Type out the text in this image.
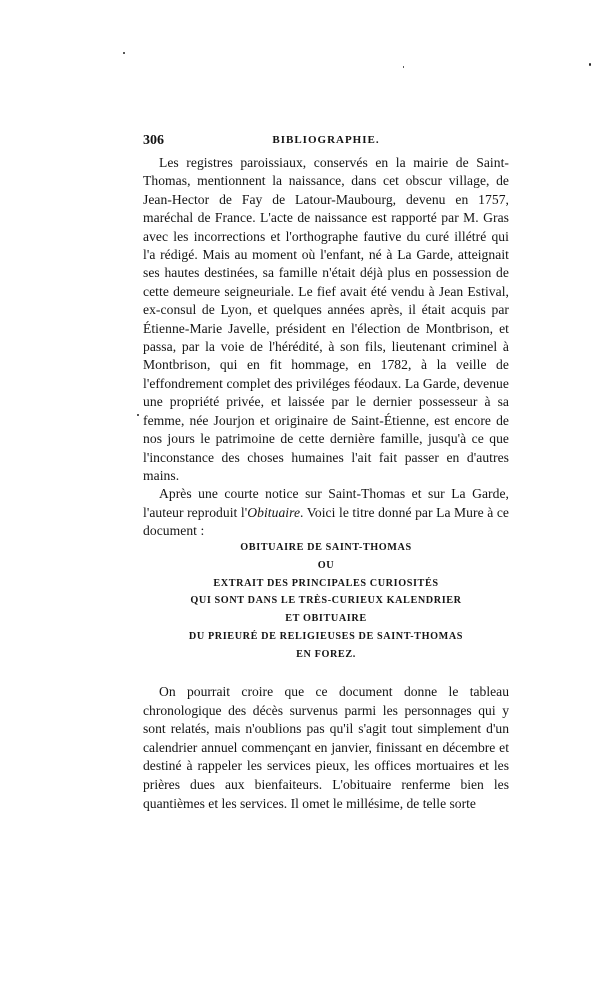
306	BIBLIOGRAPHIE.

Les registres paroissiaux, conservés en la mairie de Saint-Thomas, mentionnent la naissance, dans cet obscur village, de Jean-Hector de Fay de Latour-Maubourg, devenu en 1757, maréchal de France. L'acte de naissance est rapporté par M. Gras avec les incorrections et l'orthographe fautive du curé illétré qui l'a rédigé. Mais au moment où l'enfant, né à La Garde, atteignait ses hautes destinées, sa famille n'était déjà plus en possession de cette demeure seigneuriale. Le fief avait été vendu à Jean Estival, ex-consul de Lyon, et quelques années après, il était acquis par Étienne-Marie Javelle, président en l'élection de Montbrison, et passa, par la voie de l'hérédité, à son fils, lieutenant criminel à Montbrison, qui en fit hommage, en 1782, à la veille de l'effondrement complet des priviléges féodaux. La Garde, devenue une propriété privée, et laissée par le dernier possesseur à sa femme, née Jourjon et originaire de Saint-Étienne, est encore de nos jours le patrimoine de cette dernière famille, jusqu'à ce que l'inconstance des choses humaines l'ait fait passer en d'autres mains.

Après une courte notice sur Saint-Thomas et sur La Garde, l'auteur reproduit l'Obituaire. Voici le titre donné par La Mure à ce document :

OBITUAIRE DE SAINT-THOMAS
OU
EXTRAIT DES PRINCIPALES CURIOSITÉS
QUI SONT DANS LE TRÈS-CURIEUX KALENDRIER
ET OBITUAIRE
DU PRIEURÉ DE RELIGIEUSES DE SAINT-THOMAS
EN FOREZ.

On pourrait croire que ce document donne le tableau chronologique des décès survenus parmi les personnages qui y sont relatés, mais n'oublions pas qu'il s'agit tout simplement d'un calendrier annuel commençant en janvier, finissant en décembre et destiné à rappeler les services pieux, les offices mortuaires et les prières dues aux bienfaiteurs. L'obituaire renferme bien les quantièmes et les services. Il omet le millésime, de telle sorte
